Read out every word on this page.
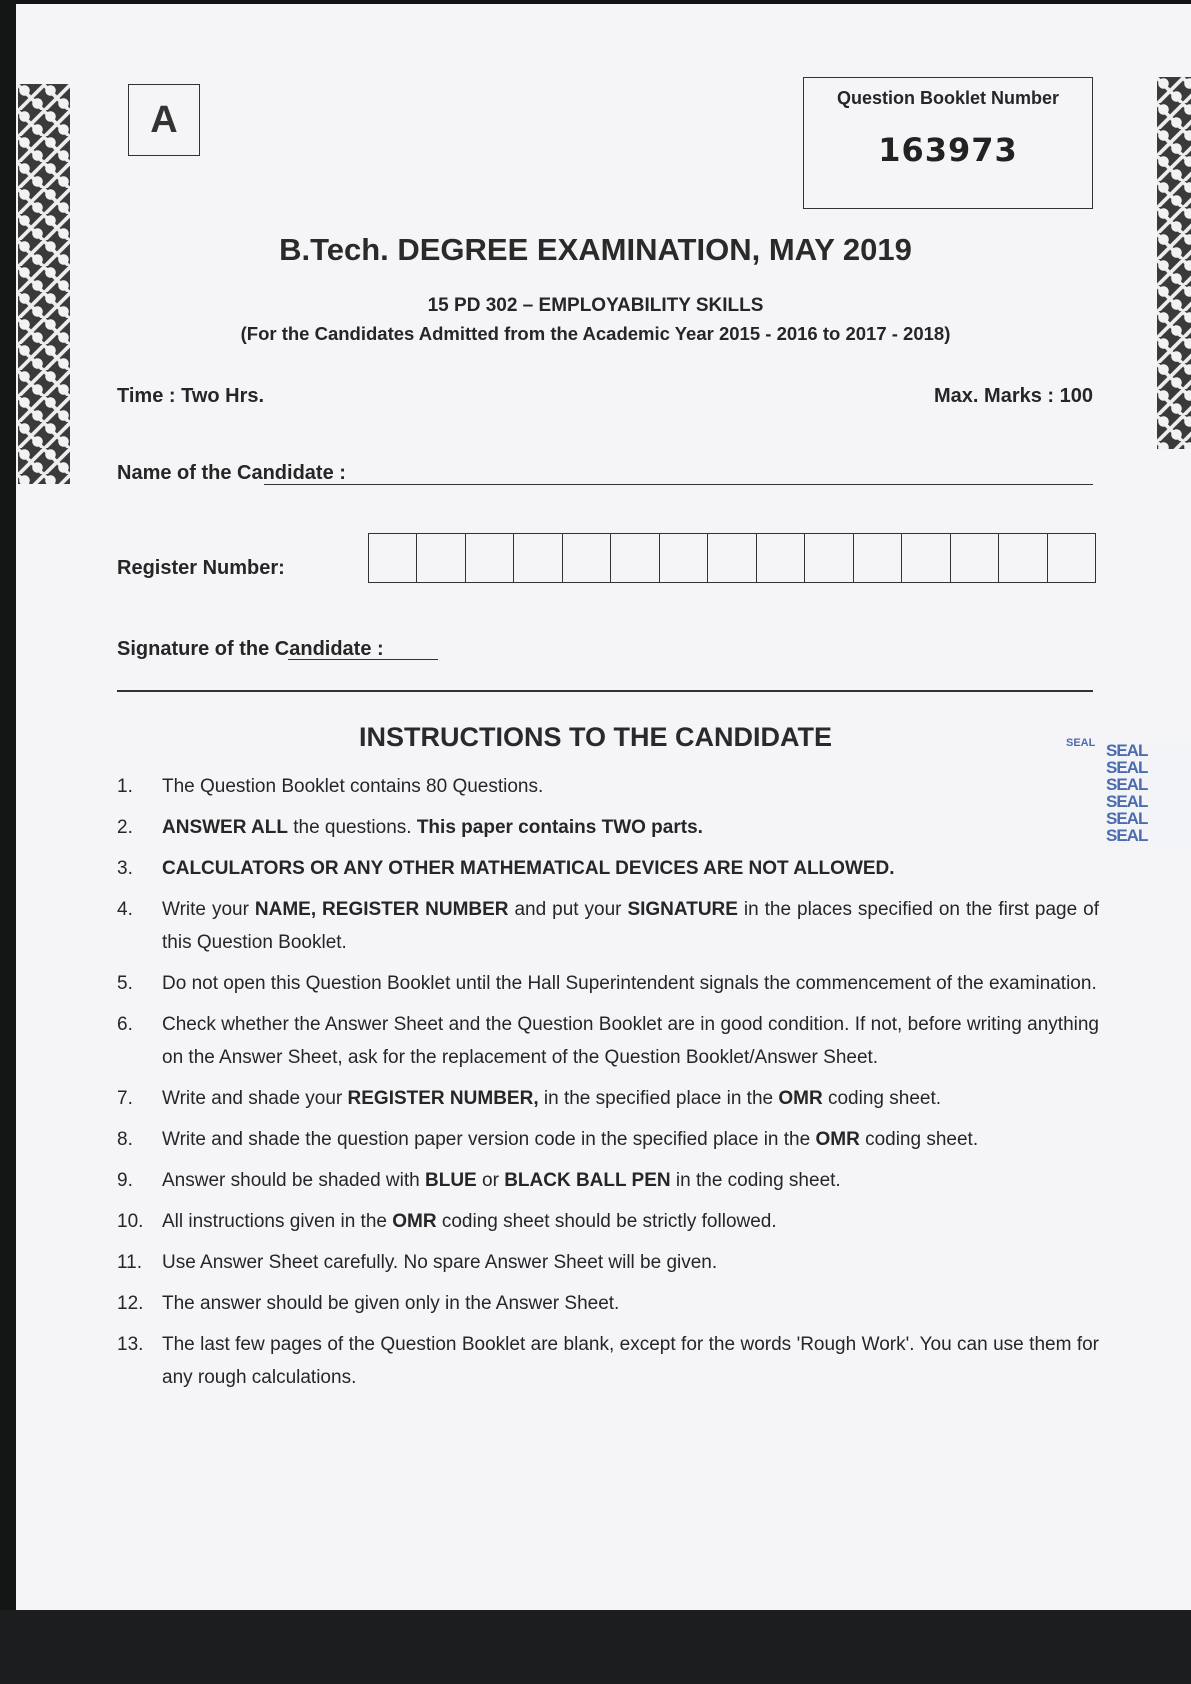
A
Question Booklet Number
163973
B.Tech. DEGREE EXAMINATION, MAY 2019
15 PD 302 – EMPLOYABILITY SKILLS
(For the Candidates Admitted from the Academic Year 2015 - 2016 to 2017 - 2018)
Time : Two Hrs.	Max. Marks : 100
Name of the Candidate :
Register Number:
Signature of the Candidate :
INSTRUCTIONS TO THE CANDIDATE
1.	The Question Booklet contains 80 Questions.
2.	ANSWER ALL the questions. This paper contains TWO parts.
3.	CALCULATORS OR ANY OTHER MATHEMATICAL DEVICES ARE NOT ALLOWED.
4.	Write your NAME, REGISTER NUMBER and put your SIGNATURE in the places specified on the first page of this Question Booklet.
5.	Do not open this Question Booklet until the Hall Superintendent signals the commencement of the examination.
6.	Check whether the Answer Sheet and the Question Booklet are in good condition. If not, before writing anything on the Answer Sheet, ask for the replacement of the Question Booklet/Answer Sheet.
7.	Write and shade your REGISTER NUMBER, in the specified place in the OMR coding sheet.
8.	Write and shade the question paper version code in the specified place in the OMR coding sheet.
9.	Answer should be shaded with BLUE or BLACK BALL PEN in the coding sheet.
10. All instructions given in the OMR coding sheet should be strictly followed.
11.	Use Answer Sheet carefully. No spare Answer Sheet will be given.
12. The answer should be given only in the Answer Sheet.
13. The last few pages of the Question Booklet are blank, except for the words 'Rough Work'. You can use them for any rough calculations.
SEAL SEAL
SEAL
SEAL
SEAL
SEAL
SEAL
